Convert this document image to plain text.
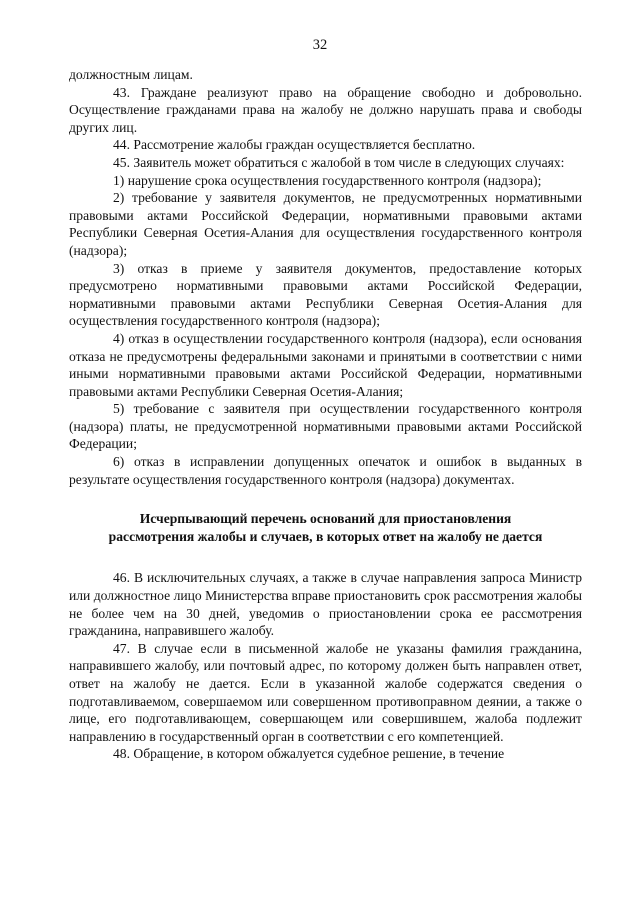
32

должностным лицам.

43. Граждане реализуют право на обращение свободно и добровольно. Осуществление гражданами права на жалобу не должно нарушать права и свободы других лиц.

44. Рассмотрение жалобы граждан осуществляется бесплатно.

45. Заявитель может обратиться с жалобой в том числе в следующих случаях:

1) нарушение срока осуществления государственного контроля (надзора);

2) требование у заявителя документов, не предусмотренных нормативными правовыми актами Российской Федерации, нормативными правовыми актами Республики Северная Осетия-Алания для осуществления государственного контроля (надзора);

3) отказ в приеме у заявителя документов, предоставление которых предусмотрено нормативными правовыми актами Российской Федерации, нормативными правовыми актами Республики Северная Осетия-Алания для осуществления государственного контроля (надзора);

4) отказ в осуществлении государственного контроля (надзора), если основания отказа не предусмотрены федеральными законами и принятыми в соответствии с ними иными нормативными правовыми актами Российской Федерации, нормативными правовыми актами Республики Северная Осетия-Алания;

5) требование с заявителя при осуществлении государственного контроля (надзора) платы, не предусмотренной нормативными правовыми актами Российской Федерации;

6) отказ в исправлении допущенных опечаток и ошибок в выданных в результате осуществления государственного контроля (надзора) документах.

Исчерпывающий перечень оснований для приостановления
рассмотрения жалобы и случаев, в которых ответ на жалобу не дается

46. В исключительных случаях, а также в случае направления запроса Министр или должностное лицо Министерства вправе приостановить срок рассмотрения жалобы не более чем на 30 дней, уведомив о приостановлении срока ее рассмотрения гражданина, направившего жалобу.

47. В случае если в письменной жалобе не указаны фамилия гражданина, направившего жалобу, или почтовый адрес, по которому должен быть направлен ответ, ответ на жалобу не дается. Если в указанной жалобе содержатся сведения о подготавливаемом, совершаемом или совершенном противоправном деянии, а также о лице, его подготавливающем, совершающем или совершившем, жалоба подлежит направлению в государственный орган в соответствии с его компетенцией.

48. Обращение, в котором обжалуется судебное решение, в течение
